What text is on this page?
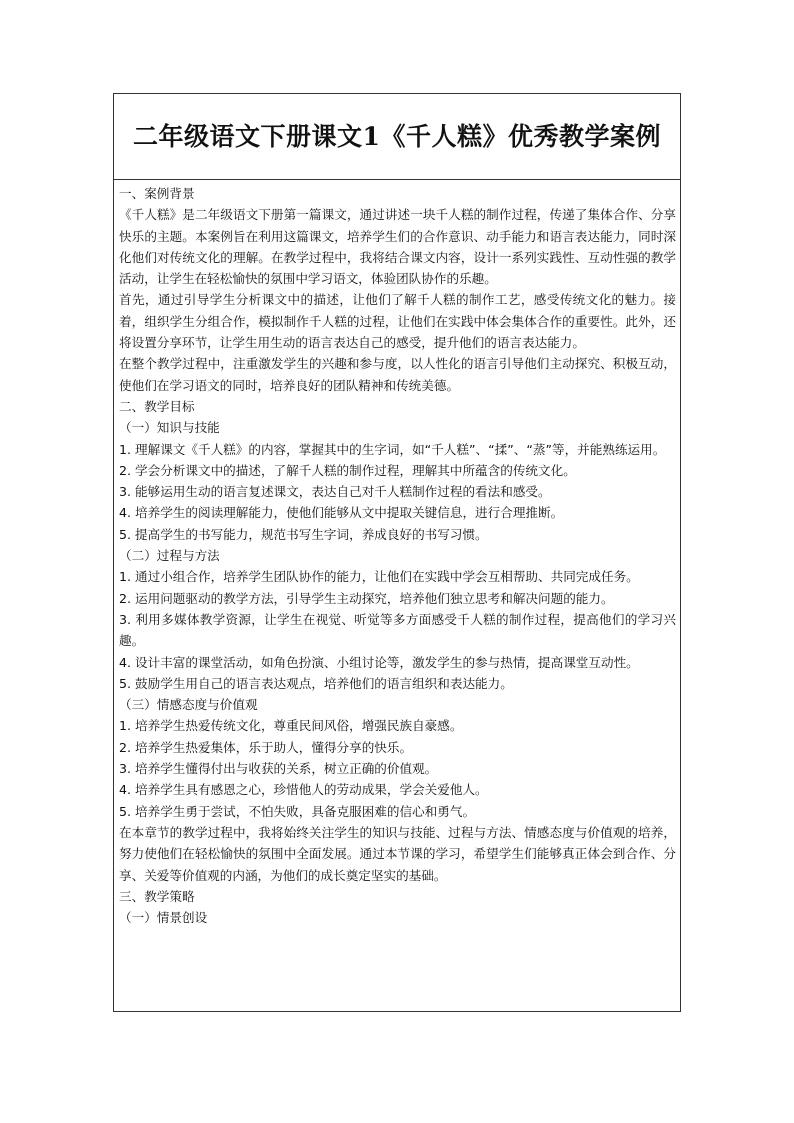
二年级语文下册课文1《千人糕》优秀教学案例

一、案例背景

《千人糕》是二年级语文下册第一篇课文，通过讲述一块千人糕的制作过程，传递了集体合作、分享快乐的主题。本案例旨在利用这篇课文，培养学生们的合作意识、动手能力和语言表达能力，同时深化他们对传统文化的理解。在教学过程中，我将结合课文内容，设计一系列实践性、互动性强的教学活动，让学生在轻松愉快的氛围中学习语文，体验团队协作的乐趣。

首先，通过引导学生分析课文中的描述，让他们了解千人糕的制作工艺，感受传统文化的魅力。接着，组织学生分组合作，模拟制作千人糕的过程，让他们在实践中体会集体合作的重要性。此外，还将设置分享环节，让学生用生动的语言表达自己的感受，提升他们的语言表达能力。

在整个教学过程中，注重激发学生的兴趣和参与度，以人性化的语言引导他们主动探究、积极互动，使他们在学习语文的同时，培养良好的团队精神和传统美德。

二、教学目标

（一）知识与技能

1. 理解课文《千人糕》的内容，掌握其中的生字词，如“千人糕”、“揉”、“蒸”等，并能熟练运用。

2. 学会分析课文中的描述，了解千人糕的制作过程，理解其中所蕴含的传统文化。

3. 能够运用生动的语言复述课文，表达自己对千人糕制作过程的看法和感受。

4. 培养学生的阅读理解能力，使他们能够从文中提取关键信息，进行合理推断。

5. 提高学生的书写能力，规范书写生字词，养成良好的书写习惯。

（二）过程与方法

1. 通过小组合作，培养学生团队协作的能力，让他们在实践中学会互相帮助、共同完成任务。

2. 运用问题驱动的教学方法，引导学生主动探究，培养他们独立思考和解决问题的能力。

3. 利用多媒体教学资源，让学生在视觉、听觉等多方面感受千人糕的制作过程，提高他们的学习兴趣。

4. 设计丰富的课堂活动，如角色扮演、小组讨论等，激发学生的参与热情，提高课堂互动性。

5. 鼓励学生用自己的语言表达观点，培养他们的语言组织和表达能力。

（三）情感态度与价值观

1. 培养学生热爱传统文化，尊重民间风俗，增强民族自豪感。

2. 培养学生热爱集体，乐于助人，懂得分享的快乐。

3. 培养学生懂得付出与收获的关系，树立正确的价值观。

4. 培养学生具有感恩之心，珍惜他人的劳动成果，学会关爱他人。

5. 培养学生勇于尝试，不怕失败，具备克服困难的信心和勇气。

在本章节的教学过程中，我将始终关注学生的知识与技能、过程与方法、情感态度与价值观的培养，努力使他们在轻松愉快的氛围中全面发展。通过本节课的学习，希望学生们能够真正体会到合作、分享、关爱等价值观的内涵，为他们的成长奠定坚实的基础。

三、教学策略

（一）情景创设
